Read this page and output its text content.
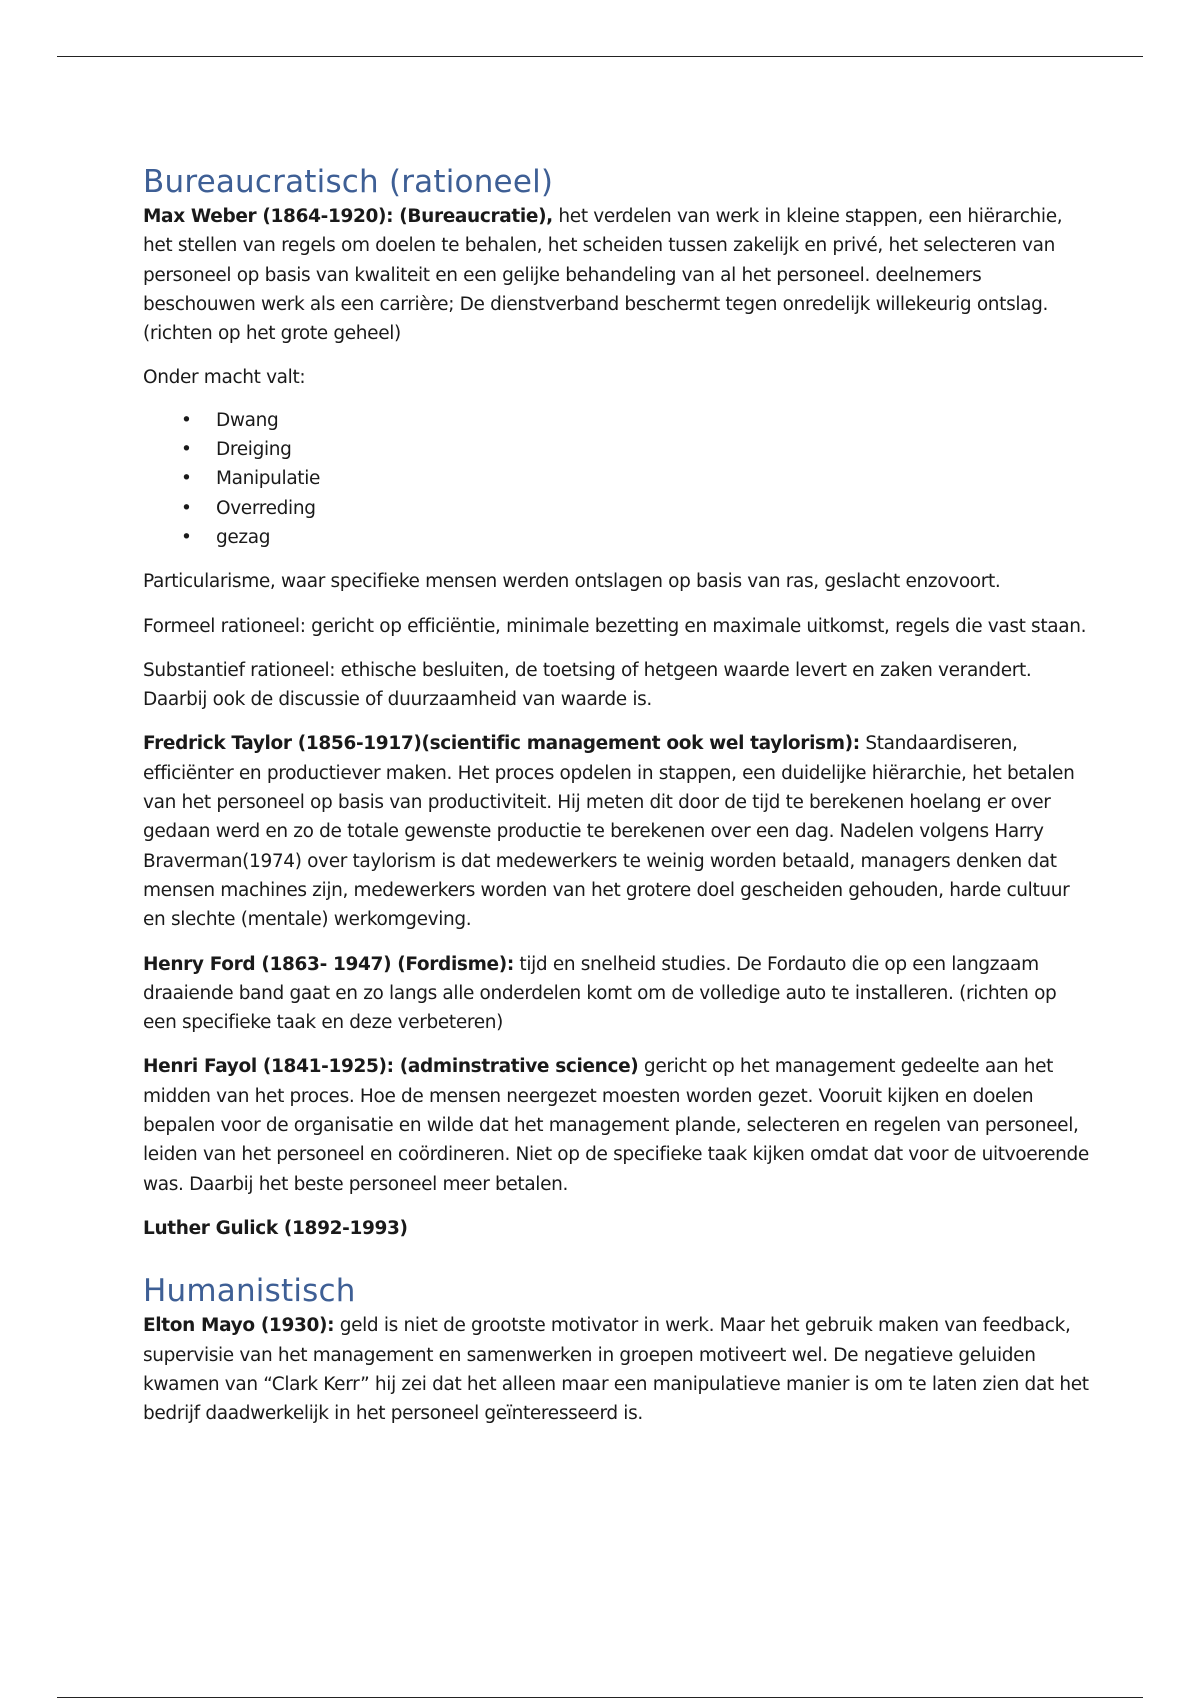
Bureaucratisch (rationeel)

Max Weber (1864-1920): (Bureaucratie), het verdelen van werk in kleine stappen, een hiërarchie, het stellen van regels om doelen te behalen, het scheiden tussen zakelijk en privé, het selecteren van personeel op basis van kwaliteit en een gelijke behandeling van al het personeel. deelnemers beschouwen werk als een carrière; De dienstverband beschermt tegen onredelijk willekeurig ontslag. (richten op het grote geheel)

Onder macht valt:

• Dwang
• Dreiging
• Manipulatie
• Overreding
• gezag

Particularisme, waar specifieke mensen werden ontslagen op basis van ras, geslacht enzovoort.

Formeel rationeel: gericht op efficiëntie, minimale bezetting en maximale uitkomst, regels die vast staan.

Substantief rationeel: ethische besluiten, de toetsing of hetgeen waarde levert en zaken verandert. Daarbij ook de discussie of duurzaamheid van waarde is.

Fredrick Taylor (1856-1917)(scientific management ook wel taylorism): Standaardiseren, efficiënter en productiever maken. Het proces opdelen in stappen, een duidelijke hiërarchie, het betalen van het personeel op basis van productiviteit. Hij meten dit door de tijd te berekenen hoelang er over gedaan werd en zo de totale gewenste productie te berekenen over een dag. Nadelen volgens Harry Braverman(1974) over taylorism is dat medewerkers te weinig worden betaald, managers denken dat mensen machines zijn, medewerkers worden van het grotere doel gescheiden gehouden, harde cultuur en slechte (mentale) werkomgeving.

Henry Ford (1863- 1947) (Fordisme): tijd en snelheid studies. De Fordauto die op een langzaam draaiende band gaat en zo langs alle onderdelen komt om de volledige auto te installeren. (richten op een specifieke taak en deze verbeteren)

Henri Fayol (1841-1925): (adminstrative science) gericht op het management gedeelte aan het midden van het proces. Hoe de mensen neergezet moesten worden gezet. Vooruit kijken en doelen bepalen voor de organisatie en wilde dat het management plande, selecteren en regelen van personeel, leiden van het personeel en coördineren. Niet op de specifieke taak kijken omdat dat voor de uitvoerende was. Daarbij het beste personeel meer betalen.

Luther Gulick (1892-1993)

Humanistisch

Elton Mayo (1930): geld is niet de grootste motivator in werk. Maar het gebruik maken van feedback, supervisie van het management en samenwerken in groepen motiveert wel. De negatieve geluiden kwamen van “Clark Kerr” hij zei dat het alleen maar een manipulatieve manier is om te laten zien dat het bedrijf daadwerkelijk in het personeel geïnteresseerd is.
